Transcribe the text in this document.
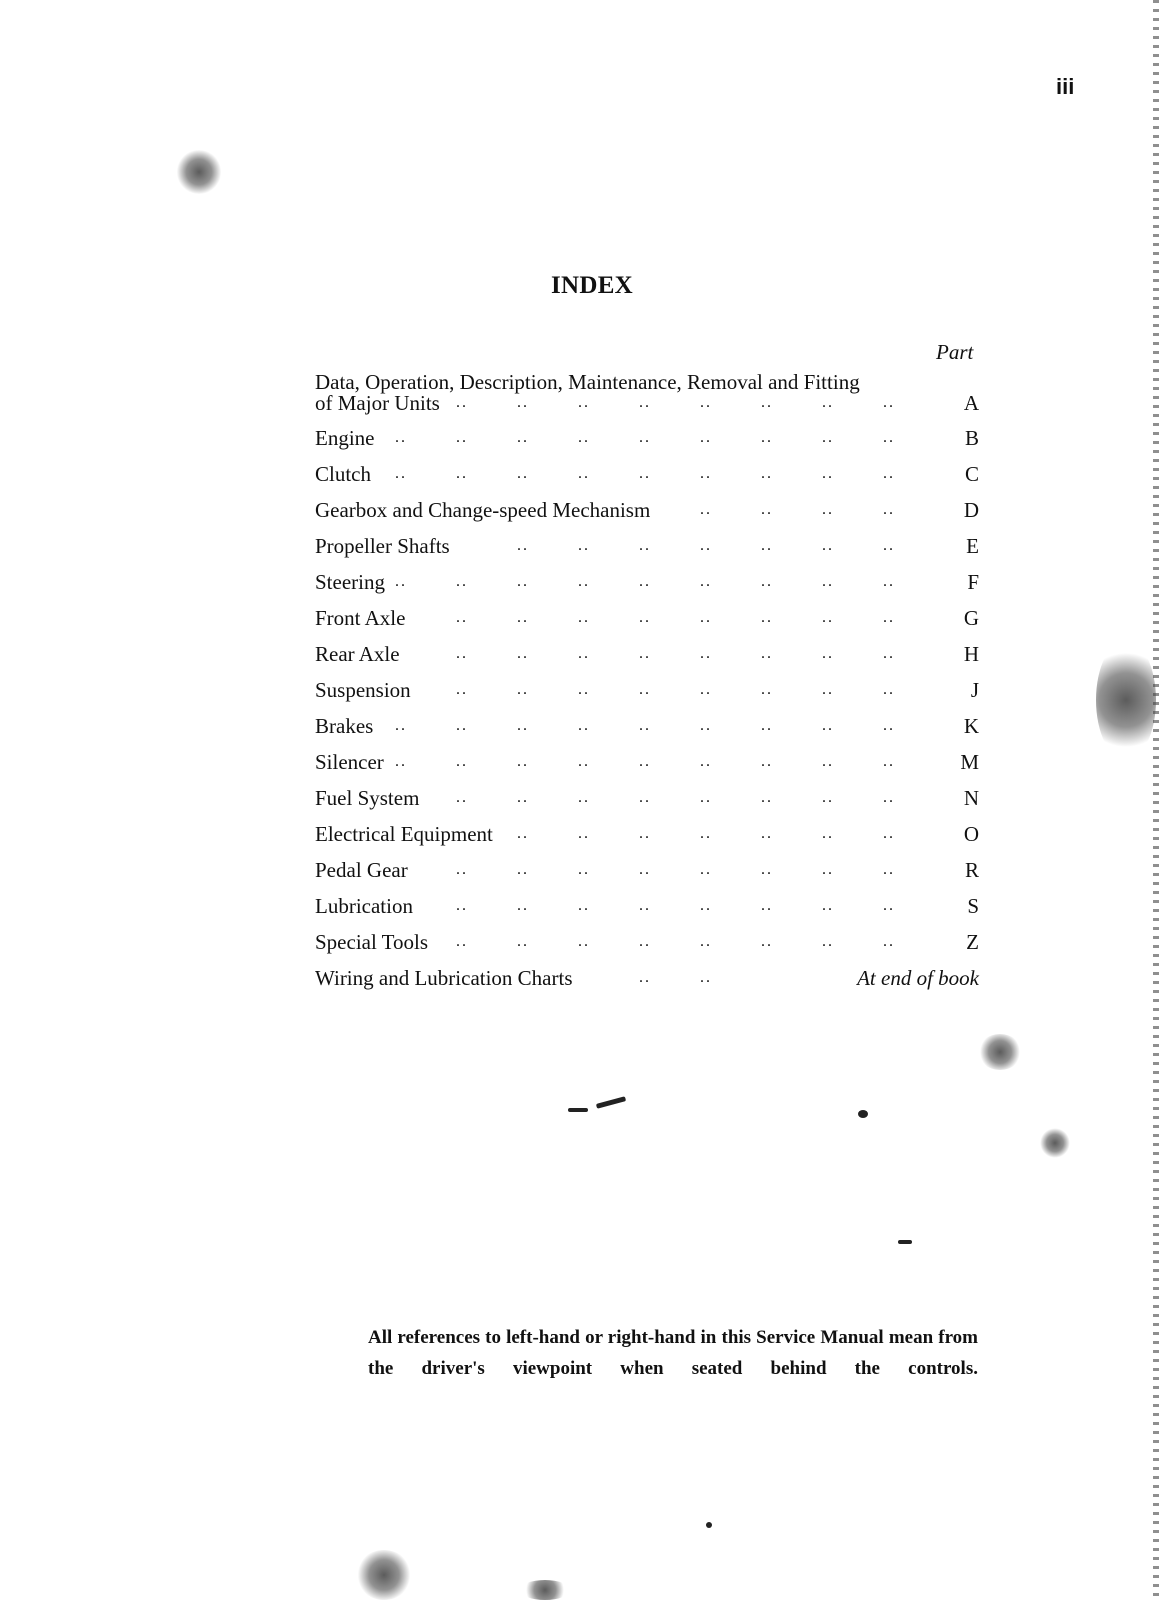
iii
INDEX
Part
Data, Operation, Description, Maintenance, Removal and Fitting
of Major Units ..	..	..	..	..	..	..	..	A
Engine ..	..	..	..	..	..	..	..	..	B
Clutch ..	..	..	..	..	..	..	..	..	C
Gearbox and Change-speed Mechanism	..	..	..	..	D
Propeller Shafts	..	..	..	..	..	..	..	E
Steering ..	..	..	..	..	..	..	..	..	F
Front Axle	..	..	..	..	..	..	..	..	G
Rear Axle	..	..	..	..	..	..	..	..	H
Suspension	..	..	..	..	..	..	..	..	J
Brakes ..	..	..	..	..	..	..	..	..	K
Silencer ..	..	..	..	..	..	..	..	..	M
Fuel System ..	..	..	..	..	..	..	..	N
Electrical Equipment ..	..	..	..	..	..	..	O
Pedal Gear	..	..	..	..	..	..	..	..	R
Lubrication	..	..	..	..	..	..	..	..	S
Special Tools ..	..	..	..	..	..	..	..	Z
Wiring and Lubrication Charts	..	..	At end of book
All references to left-hand or right-hand in this Service Manual mean from the driver's viewpoint when seated behind the controls.
